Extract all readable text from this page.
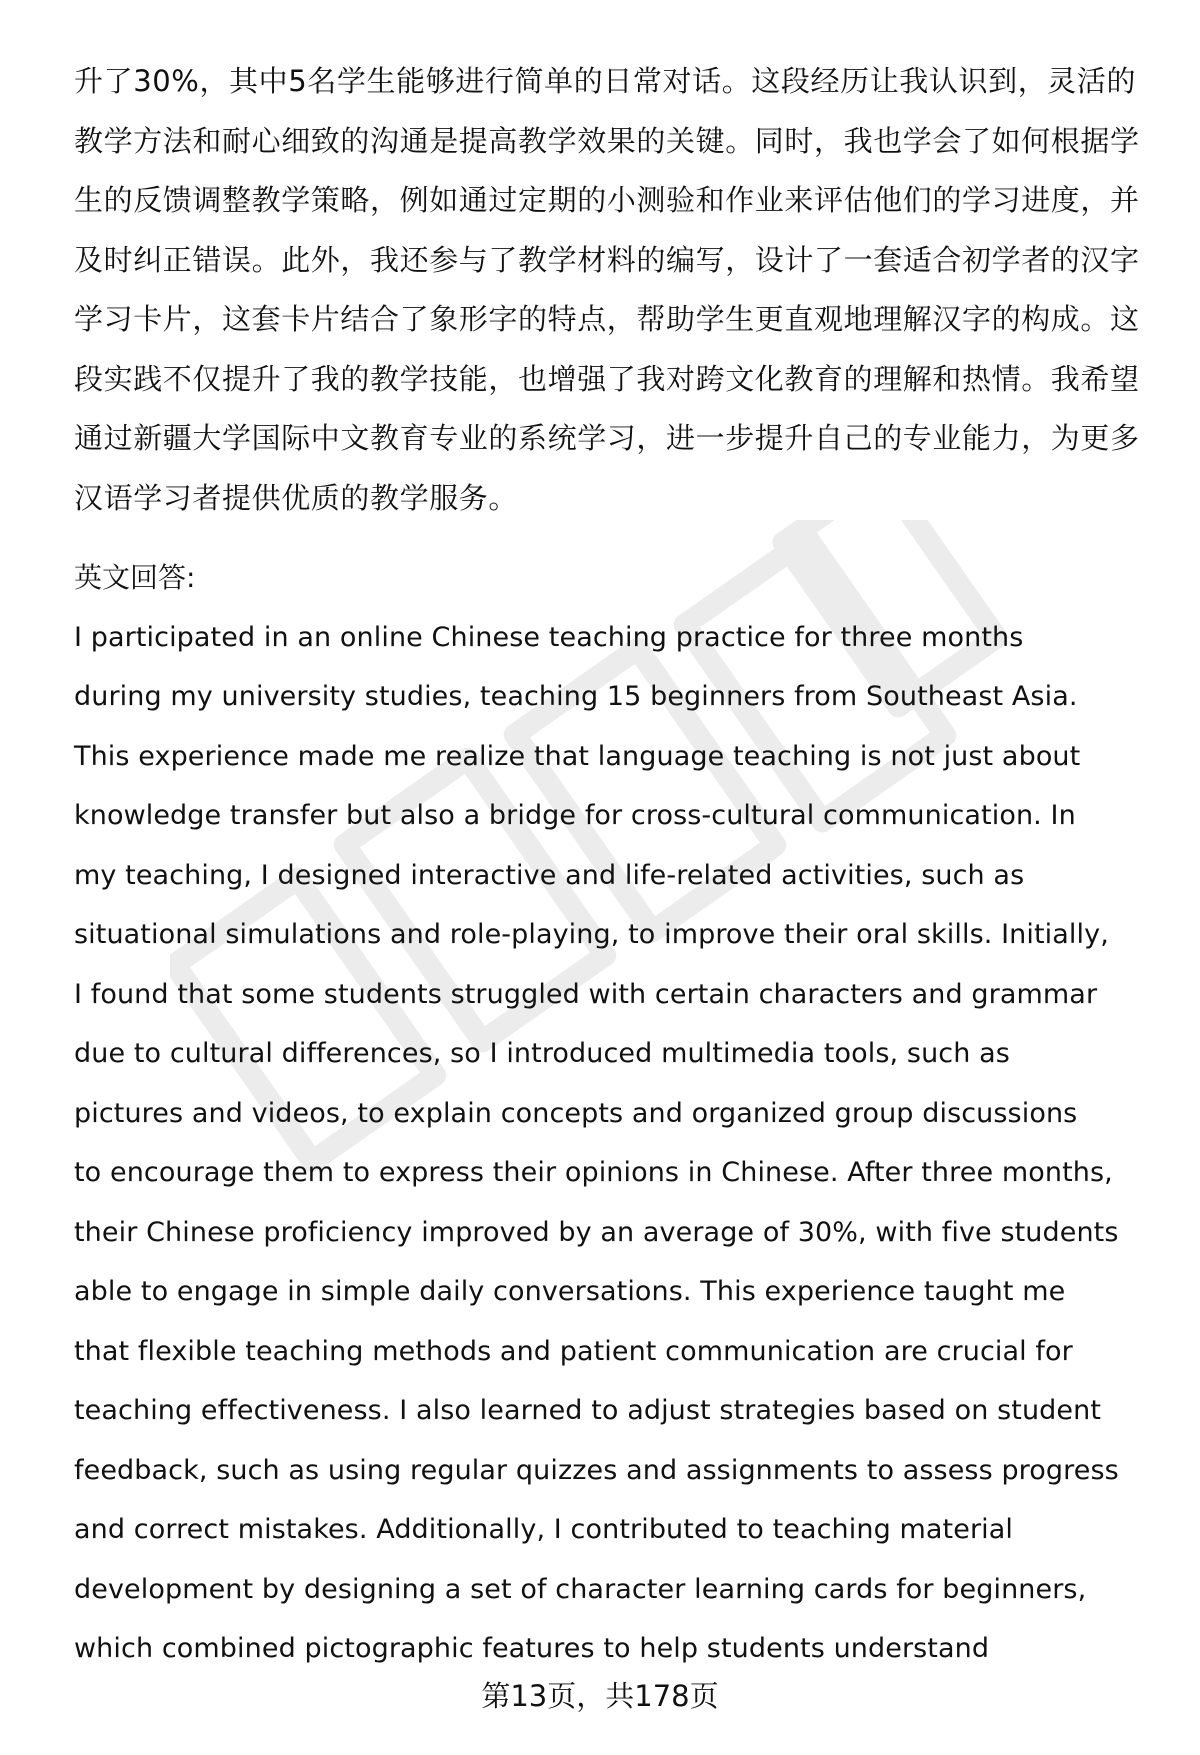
升了30%，其中5名学生能够进行简单的日常对话。这段经历让我认识到，灵活的
教学方法和耐心细致的沟通是提高教学效果的关键。同时，我也学会了如何根据学
生的反馈调整教学策略，例如通过定期的小测验和作业来评估他们的学习进度，并
及时纠正错误。此外，我还参与了教学材料的编写，设计了一套适合初学者的汉字
学习卡片，这套卡片结合了象形字的特点，帮助学生更直观地理解汉字的构成。这
段实践不仅提升了我的教学技能，也增强了我对跨文化教育的理解和热情。我希望
通过新疆大学国际中文教育专业的系统学习，进一步提升自己的专业能力，为更多
汉语学习者提供优质的教学服务。
英文回答:
I participated in an online Chinese teaching practice for three months
during my university studies, teaching 15 beginners from Southeast Asia.
This experience made me realize that language teaching is not just about
knowledge transfer but also a bridge for cross-cultural communication. In
my teaching, I designed interactive and life-related activities, such as
situational simulations and role-playing, to improve their oral skills. Initially,
I found that some students struggled with certain characters and grammar
due to cultural differences, so I introduced multimedia tools, such as
pictures and videos, to explain concepts and organized group discussions
to encourage them to express their opinions in Chinese. After three months,
their Chinese proficiency improved by an average of 30%, with five students
able to engage in simple daily conversations. This experience taught me
that flexible teaching methods and patient communication are crucial for
teaching effectiveness. I also learned to adjust strategies based on student
feedback, such as using regular quizzes and assignments to assess progress
and correct mistakes. Additionally, I contributed to teaching material
development by designing a set of character learning cards for beginners,
which combined pictographic features to help students understand
第13页，共178页
